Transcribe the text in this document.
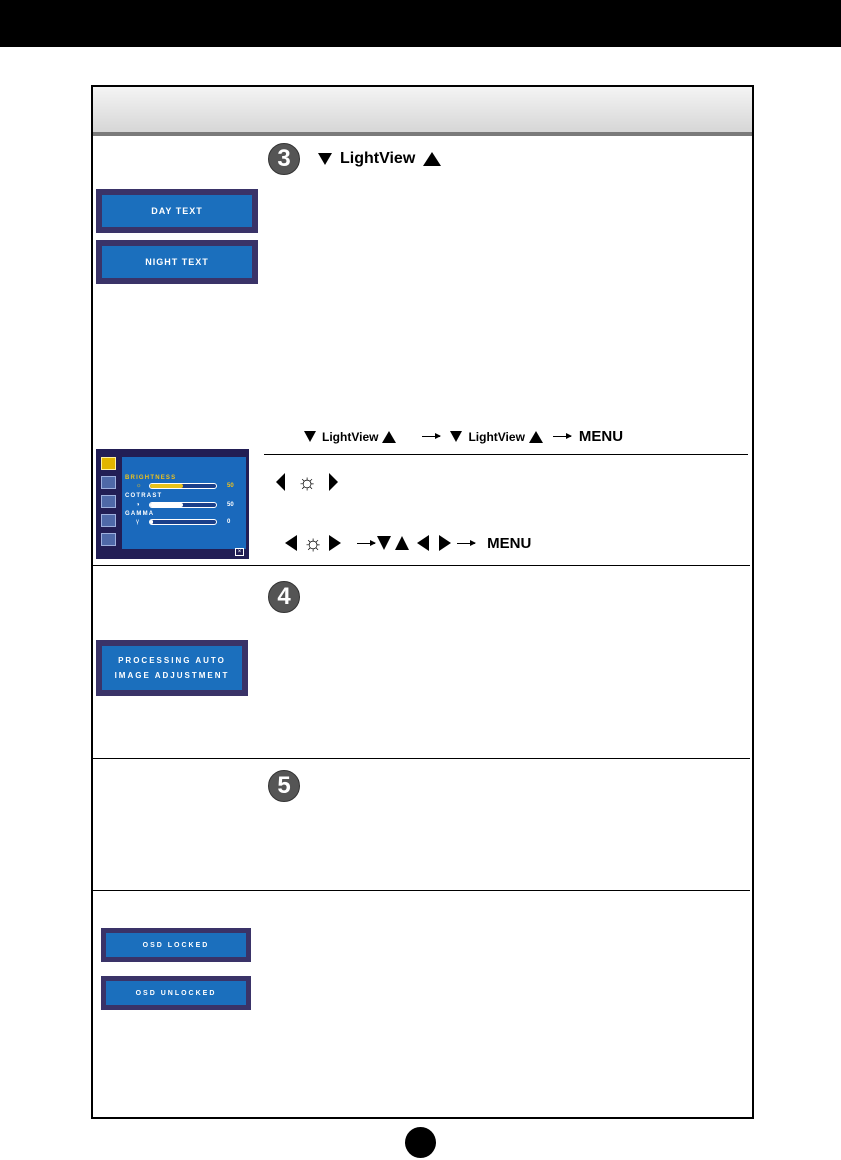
3	LightView
DAY TEXT
NIGHT TEXT
LightView	LightView	MENU
BRIGHTNESS
☼	50
COTRAST
◑	50
GAMMA
γ	0
×
☼
☼	MENU
4
PROCESSING AUTO
IMAGE ADJUSTMENT
5
OSD LOCKED
OSD UNLOCKED
